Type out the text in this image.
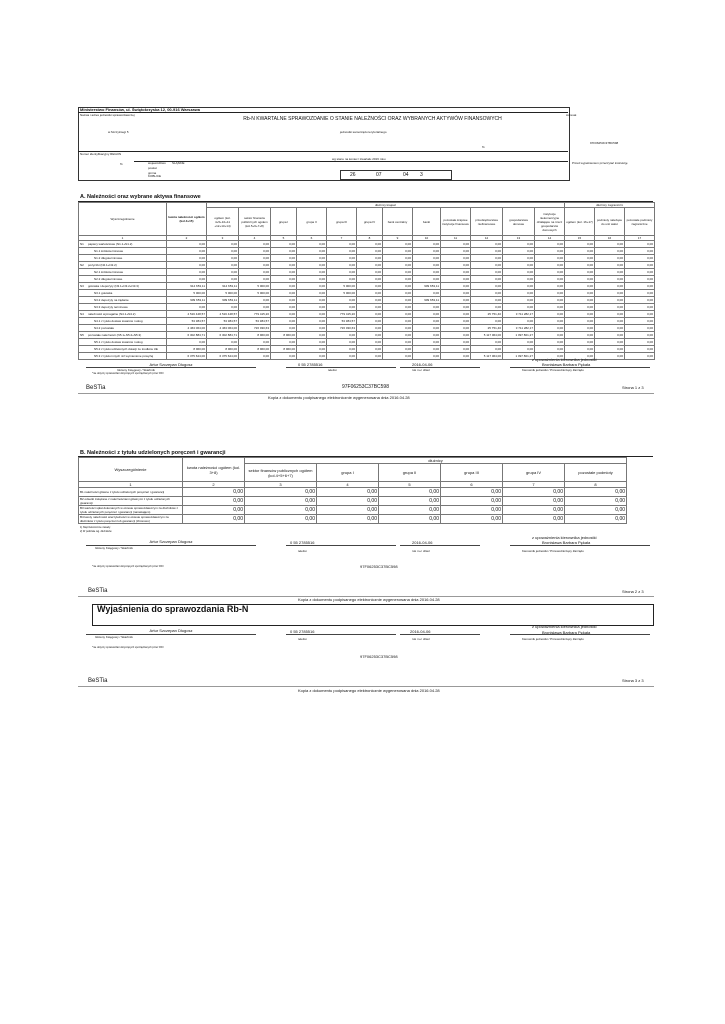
Ministerstwo Finansów, ul. Świętokrzyska 12, 00-916 Warszawa
Nazwa i adres jednostki sprawozdawczej	Adresat
Rb-N KWARTALNE SPRAWOZDANIE O STANIE NALEŻNOŚCI ORAZ WYBRANYCH AKTYWÓW FINANSOWYCH
w.Szczytniegi 5	jednostki samorządu terytorialnego
97F06253C37BC598
%
Numer identyfikacyjny REGON
wg stanu na koniec I kwartału 2016 roku
%	województwo
powiat
gmina
ŚLĄSKIE
KOBLICE
Przed wypełnieniem przeczytać instrukcję
26	07	04 3
A. Należności oraz wybrane aktywa finansowe
Wyszczególnienie	kwota należności ogółem (kol.3+15)	dłużnicy krajowi												dłużnicy zagraniczni		
		ogółem (kol. 4+5+10+11 +12+13+14)	sektor finansów publicznych ogółem (kol.5+6+7+8)	grupa I	grupa II	grupa III	grupa IV	bank centralny	banki	pozostałe krajowe instytucje finansowe	przedsiębiorstwa niefinansowe	gospodarstwa domowe	instytucje niekomercyjne działające na rzecz gospodarstw domowych	ogółem (kol. 16+17)	podmioty należące do unii walut	pozostałe podmioty zagraniczne
1	2	3	4	5	6	7	8	9	10	11	12	13	14	15	16	17
N1 papiery wartościowe (N1.1+N1.2)	0,00	0,00	0,00	0,00	0,00	0,00	0,00	0,00	0,00	0,00	0,00	0,00	0,00	0,00	0,00	0,00
N1.1 krótkoterminowe	0,00	0,00	0,00	0,00	0,00	0,00	0,00	0,00	0,00	0,00	0,00	0,00	0,00	0,00	0,00	0,00
N1.2 długoterminowe	0,00	0,00	0,00	0,00	0,00	0,00	0,00	0,00	0,00	0,00	0,00	0,00	0,00	0,00	0,00	0,00
N2 pożyczki (N2.1+N2.2)	0,00	0,00	0,00	0,00	0,00	0,00	0,00	0,00	0,00	0,00	0,00	0,00	0,00	0,00	0,00	0,00
N2.1 krótkoterminowe	0,00	0,00	0,00	0,00	0,00	0,00	0,00	0,00	0,00	0,00	0,00	0,00	0,00	0,00	0,00	0,00
N2.2 długoterminowe	0,00	0,00	0,00	0,00	0,00	0,00	0,00	0,00	0,00	0,00	0,00	0,00	0,00	0,00	0,00	0,00
N3 gotówka i depozyty (N3.1+N3.2+N3.3)	914 653,11	914 653,11	5 000,00	0,00	0,00	5 000,00	0,00	0,00	909 653,11	0,00	0,00	0,00	0,00	0,00	0,00	0,00
N3.1 gotówka	5 000,00	5 000,00	5 000,00	0,00	0,00	5 000,00	0,00	0,00	0,00	0,00	0,00	0,00	0,00	0,00	0,00	0,00
N3.2 depozyty na żądanie	909 653,11	909 653,11	0,00	0,00	0,00	0,00	0,00	0,00	909 653,11	0,00	0,00	0,00	0,00	0,00	0,00	0,00
N3.3 depozyty terminowe	0,00	0,00	0,00	0,00	0,00	0,00	0,00	0,00	0,00	0,00	0,00	0,00	0,00	0,00	0,00	0,00
N4 należności wymagalne (N4.1+N4.2)	4 516 448,57	4 516 448,57	779 415,20	0,00	0,00	779 415,20	0,00	0,00	0,00	0,00	25 751,40	3 711 282,17	0,00	0,00	0,00	0,00
N4.1 z tytułu dostaw towarów i usług	53 384,57	53 384,57	53 384,57	0,00	0,00	53 384,57	0,00	0,00	0,00	0,00	0,00	0,00	0,00	0,00	0,00	0,00
N4.2 pozostałe	4 463 064,00	4 463 064,00	726 030,63	0,00	0,00	726 030,63	0,00	0,00	0,00	0,00	25 751,40	3 711 282,17	0,00	0,00	0,00	0,00
N5 pozostałe należności (N5.1+N5.2+N5.3)	6 302 884,71	6 302 884,71	8 960,00	8 960,00	0,00	0,00	0,00	0,00	0,00	0,00	5 117 064,00	1 097 801,27	0,00	0,00	0,00	0,00
N5.1 z tytułu dostaw towarów i usług	0,00	0,00	0,00	0,00	0,00	0,00	0,00	0,00	0,00	0,00	0,00	0,00	0,00	0,00	0,00	0,00
N5.2 z tytułu udzielonych dotacji ze środków UE	8 960,00	8 960,00	8 960,00	8 960,00	0,00	0,00	0,00	0,00	0,00	0,00	0,00	0,00	0,00	0,00	0,00	0,00
N5.3 z tytułu innych niż wymienione powyżej	6 375 624,00	6 375 624,00	0,00	0,00	0,00	0,00	0,00	0,00	0,00	0,00	5 117 064,00	1 097 801,27	0,00	0,00	0,00	0,00
Artur Szczepan Długosz
Główny Księgowy / Skarbnik
*nie dotyczy sprawozdań dotyczących sporządzanych przez RIO
0 55 2785516
telefon
2016-04-06
rok m-c dzień
z upoważnienia kierownika jednostki
Bronisława Barbara Pękała
Kierownik jednostki / Przewodniczący Zarządu
97F06253C37BC598
BeSTia	Strona 1 z 3
Kopia z dokumentu podpisanego elektronicznie wygenerowana dnia 2016.04.28
B. Należności z tytułu udzielonych poręczeń i gwarancji
Wyszczególnienie	kwota należności ogółem (kol. 3+8)	dłużnicy					
		sektor finansów publicznych ogółem (kol.4+5+6+7)	grupa I	grupa II	grupa III	grupa IV	pozostałe podmioty
1	2	3	4	5	6	7	8
B1 należności główne z tytułu udzielonych poręczeń i gwarancji	0,00	0,00	0,00	0,00	0,00	0,00	0,00
B2 odsetki związane z należnościami głównymi z tytułu udzielonych gwarancji	0,00	0,00	0,00	0,00	0,00	0,00	0,00
B3 wartości spłat dokonanych w okresie sprawozdawczym za dłużników z tytułu udzielonych poręczeń i gwarancji (narastająco)	0,00	0,00	0,00	0,00	0,00	0,00	0,00
B4 kwoty należności wierzytelności w okresie sprawozdawczym za dłużników z tytułu poręczeń lub gwarancji (zbiorowo)	0,00	0,00	0,00	0,00	0,00	0,00	0,00
1) Nieprzekroczone zasady.
2) W podziale wg. dłużników
Artur Szczepan Długosz
Główny Księgowy / Skarbnik
*nie dotyczy sprawozdań dotyczących sporządzanych przez RIO
0 55 2785516
telefon
2016-04-06
rok m-c dzień
z upoważnienia kierownika jednostki
Bronisława Barbara Pękała
Kierownik jednostki / Przewodniczący Zarządu
97F06253C37BC598
BeSTia	Strona 2 z 3
Kopia z dokumentu podpisanego elektronicznie wygenerowana dnia 2016.04.28
Wyjaśnienia do sprawozdania Rb-N
Artur Szczepan Długosz
Główny Księgowy / Skarbnik
*nie dotyczy sprawozdań dotyczących sporządzanych przez RIO
0 55 2785516
telefon
2016-04-06
rok m-c dzień
z upoważnienia kierownika jednostki
Bronisława Barbara Pękała
Kierownik jednostki / Przewodniczący Zarządu
97F06253C37BC598
BeSTia	Strona 3 z 3
Kopia z dokumentu podpisanego elektronicznie wygenerowana dnia 2016.04.28
